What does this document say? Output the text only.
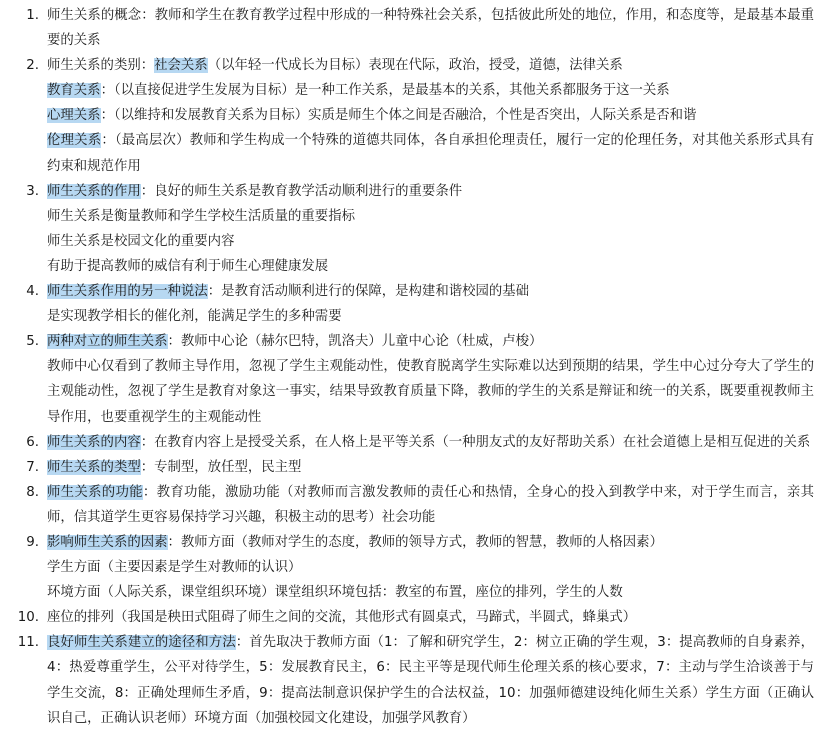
1. 师生关系的概念：教师和学生在教育教学过程中形成的一种特殊社会关系，包括彼此所处的地位，作用，和态度等，是最基本最重要的关系

2. 师生关系的类别：社会关系（以年轻一代成长为目标）表现在代际，政治，授受，道德，法律关系

教育关系：（以直接促进学生发展为目标）是一种工作关系，是最基本的关系，其他关系都服务于这一关系

心理关系：（以维持和发展教育关系为目标）实质是师生个体之间是否融洽，个性是否突出，人际关系是否和谐

伦理关系：（最高层次）教师和学生构成一个特殊的道德共同体，各自承担伦理责任，履行一定的伦理任务，对其他关系形式具有约束和规范作用

3. 师生关系的作用：良好的师生关系是教育教学活动顺利进行的重要条件

师生关系是衡量教师和学生学校生活质量的重要指标

师生关系是校园文化的重要内容

有助于提高教师的威信有利于师生心理健康发展

4. 师生关系作用的另一种说法：是教育活动顺利进行的保障，是构建和谐校园的基础

是实现教学相长的催化剂，能满足学生的多种需要

5. 两种对立的师生关系：教师中心论（赫尔巴特，凯洛夫）儿童中心论（杜威，卢梭）

教师中心仅看到了教师主导作用，忽视了学生主观能动性，使教育脱离学生实际难以达到预期的结果，学生中心过分夸大了学生的主观能动性，忽视了学生是教育对象这一事实，结果导致教育质量下降，教师的学生的关系是辩证和统一的关系，既要重视教师主导作用，也要重视学生的主观能动性

6. 师生关系的内容：在教育内容上是授受关系，在人格上是平等关系（一种朋友式的友好帮助关系）在社会道德上是相互促进的关系

7. 师生关系的类型：专制型，放任型，民主型

8. 师生关系的功能：教育功能，激励功能（对教师而言激发教师的责任心和热情，全身心的投入到教学中来，对于学生而言，亲其师，信其道学生更容易保持学习兴趣，积极主动的思考）社会功能

9. 影响师生关系的因素：教师方面（教师对学生的态度，教师的领导方式，教师的智慧，教师的人格因素）

学生方面（主要因素是学生对教师的认识）

环境方面（人际关系，课堂组织环境）课堂组织环境包括：教室的布置，座位的排列，学生的人数

10. 座位的排列（我国是秧田式阻碍了师生之间的交流，其他形式有圆桌式，马蹄式，半圆式，蜂巢式）

11. 良好师生关系建立的途径和方法：首先取决于教师方面（1：了解和研究学生，2：树立正确的学生观，3：提高教师的自身素养，4：热爱尊重学生，公平对待学生，5：发展教育民主，6：民主平等是现代师生伦理关系的核心要求，7：主动与学生洽谈善于与学生交流，8：正确处理师生矛盾，9：提高法制意识保护学生的合法权益，10：加强师德建设纯化师生关系）学生方面（正确认识自己，正确认识老师）环境方面（加强校园文化建设，加强学风教育）
